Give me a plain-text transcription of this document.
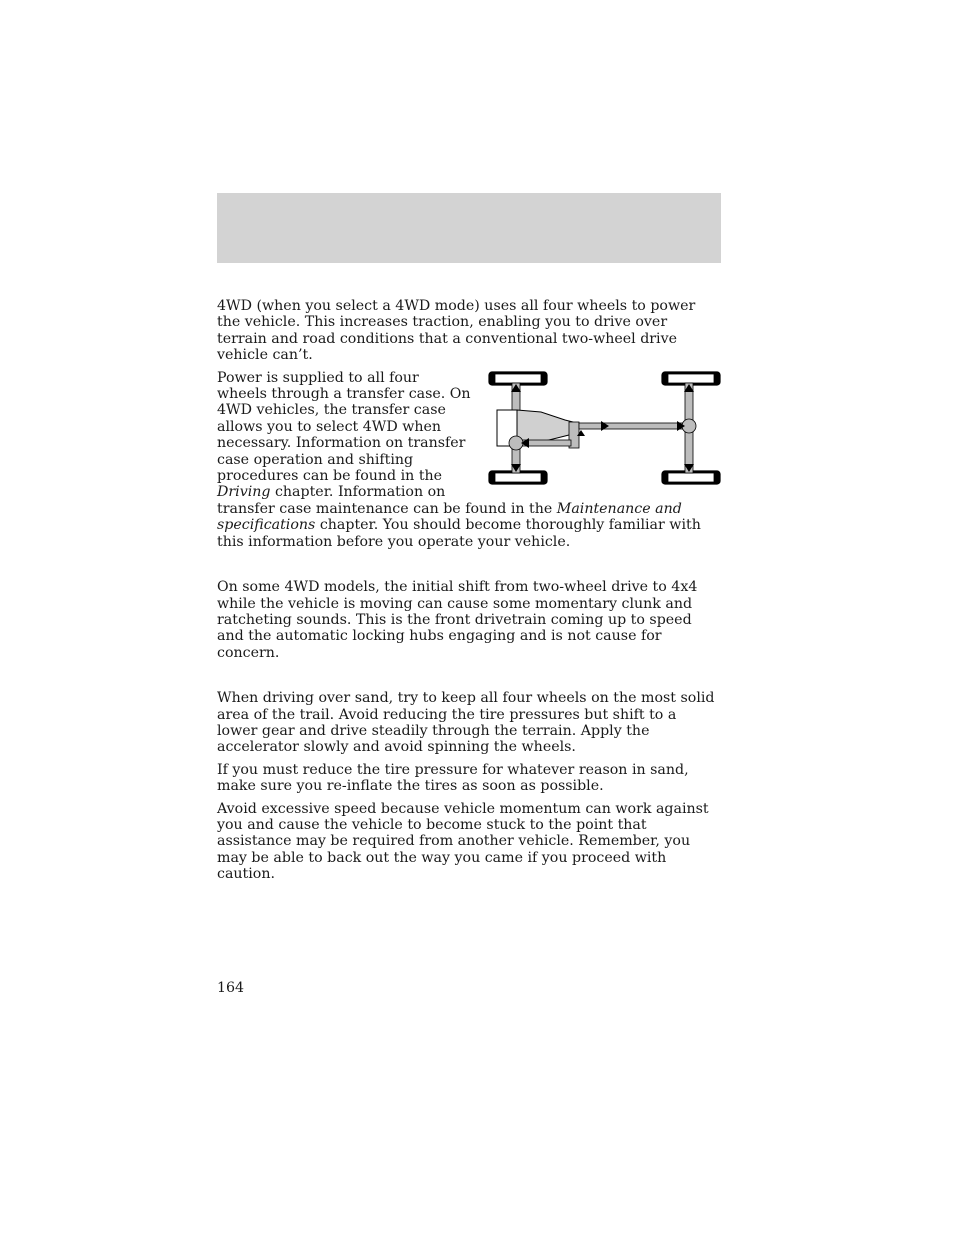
4WD (when you select a 4WD mode) uses all four wheels to power the vehicle. This increases traction, enabling you to drive over terrain and road conditions that a conventional two-wheel drive vehicle can’t.

Power is supplied to all four wheels through a transfer case. On 4WD vehicles, the transfer case allows you to select 4WD when necessary. Information on transfer case operation and shifting procedures can be found in the Driving chapter. Information on transfer case maintenance can be found in the Maintenance and specifications chapter. You should become thoroughly familiar with this information before you operate your vehicle.

On some 4WD models, the initial shift from two-wheel drive to 4x4 while the vehicle is moving can cause some momentary clunk and ratcheting sounds. This is the front drivetrain coming up to speed and the automatic locking hubs engaging and is not cause for concern.

When driving over sand, try to keep all four wheels on the most solid area of the trail. Avoid reducing the tire pressures but shift to a lower gear and drive steadily through the terrain. Apply the accelerator slowly and avoid spinning the wheels.

If you must reduce the tire pressure for whatever reason in sand, make sure you re-inflate the tires as soon as possible.

Avoid excessive speed because vehicle momentum can work against you and cause the vehicle to become stuck to the point that assistance may be required from another vehicle. Remember, you may be able to back out the way you came if you proceed with caution.

164
